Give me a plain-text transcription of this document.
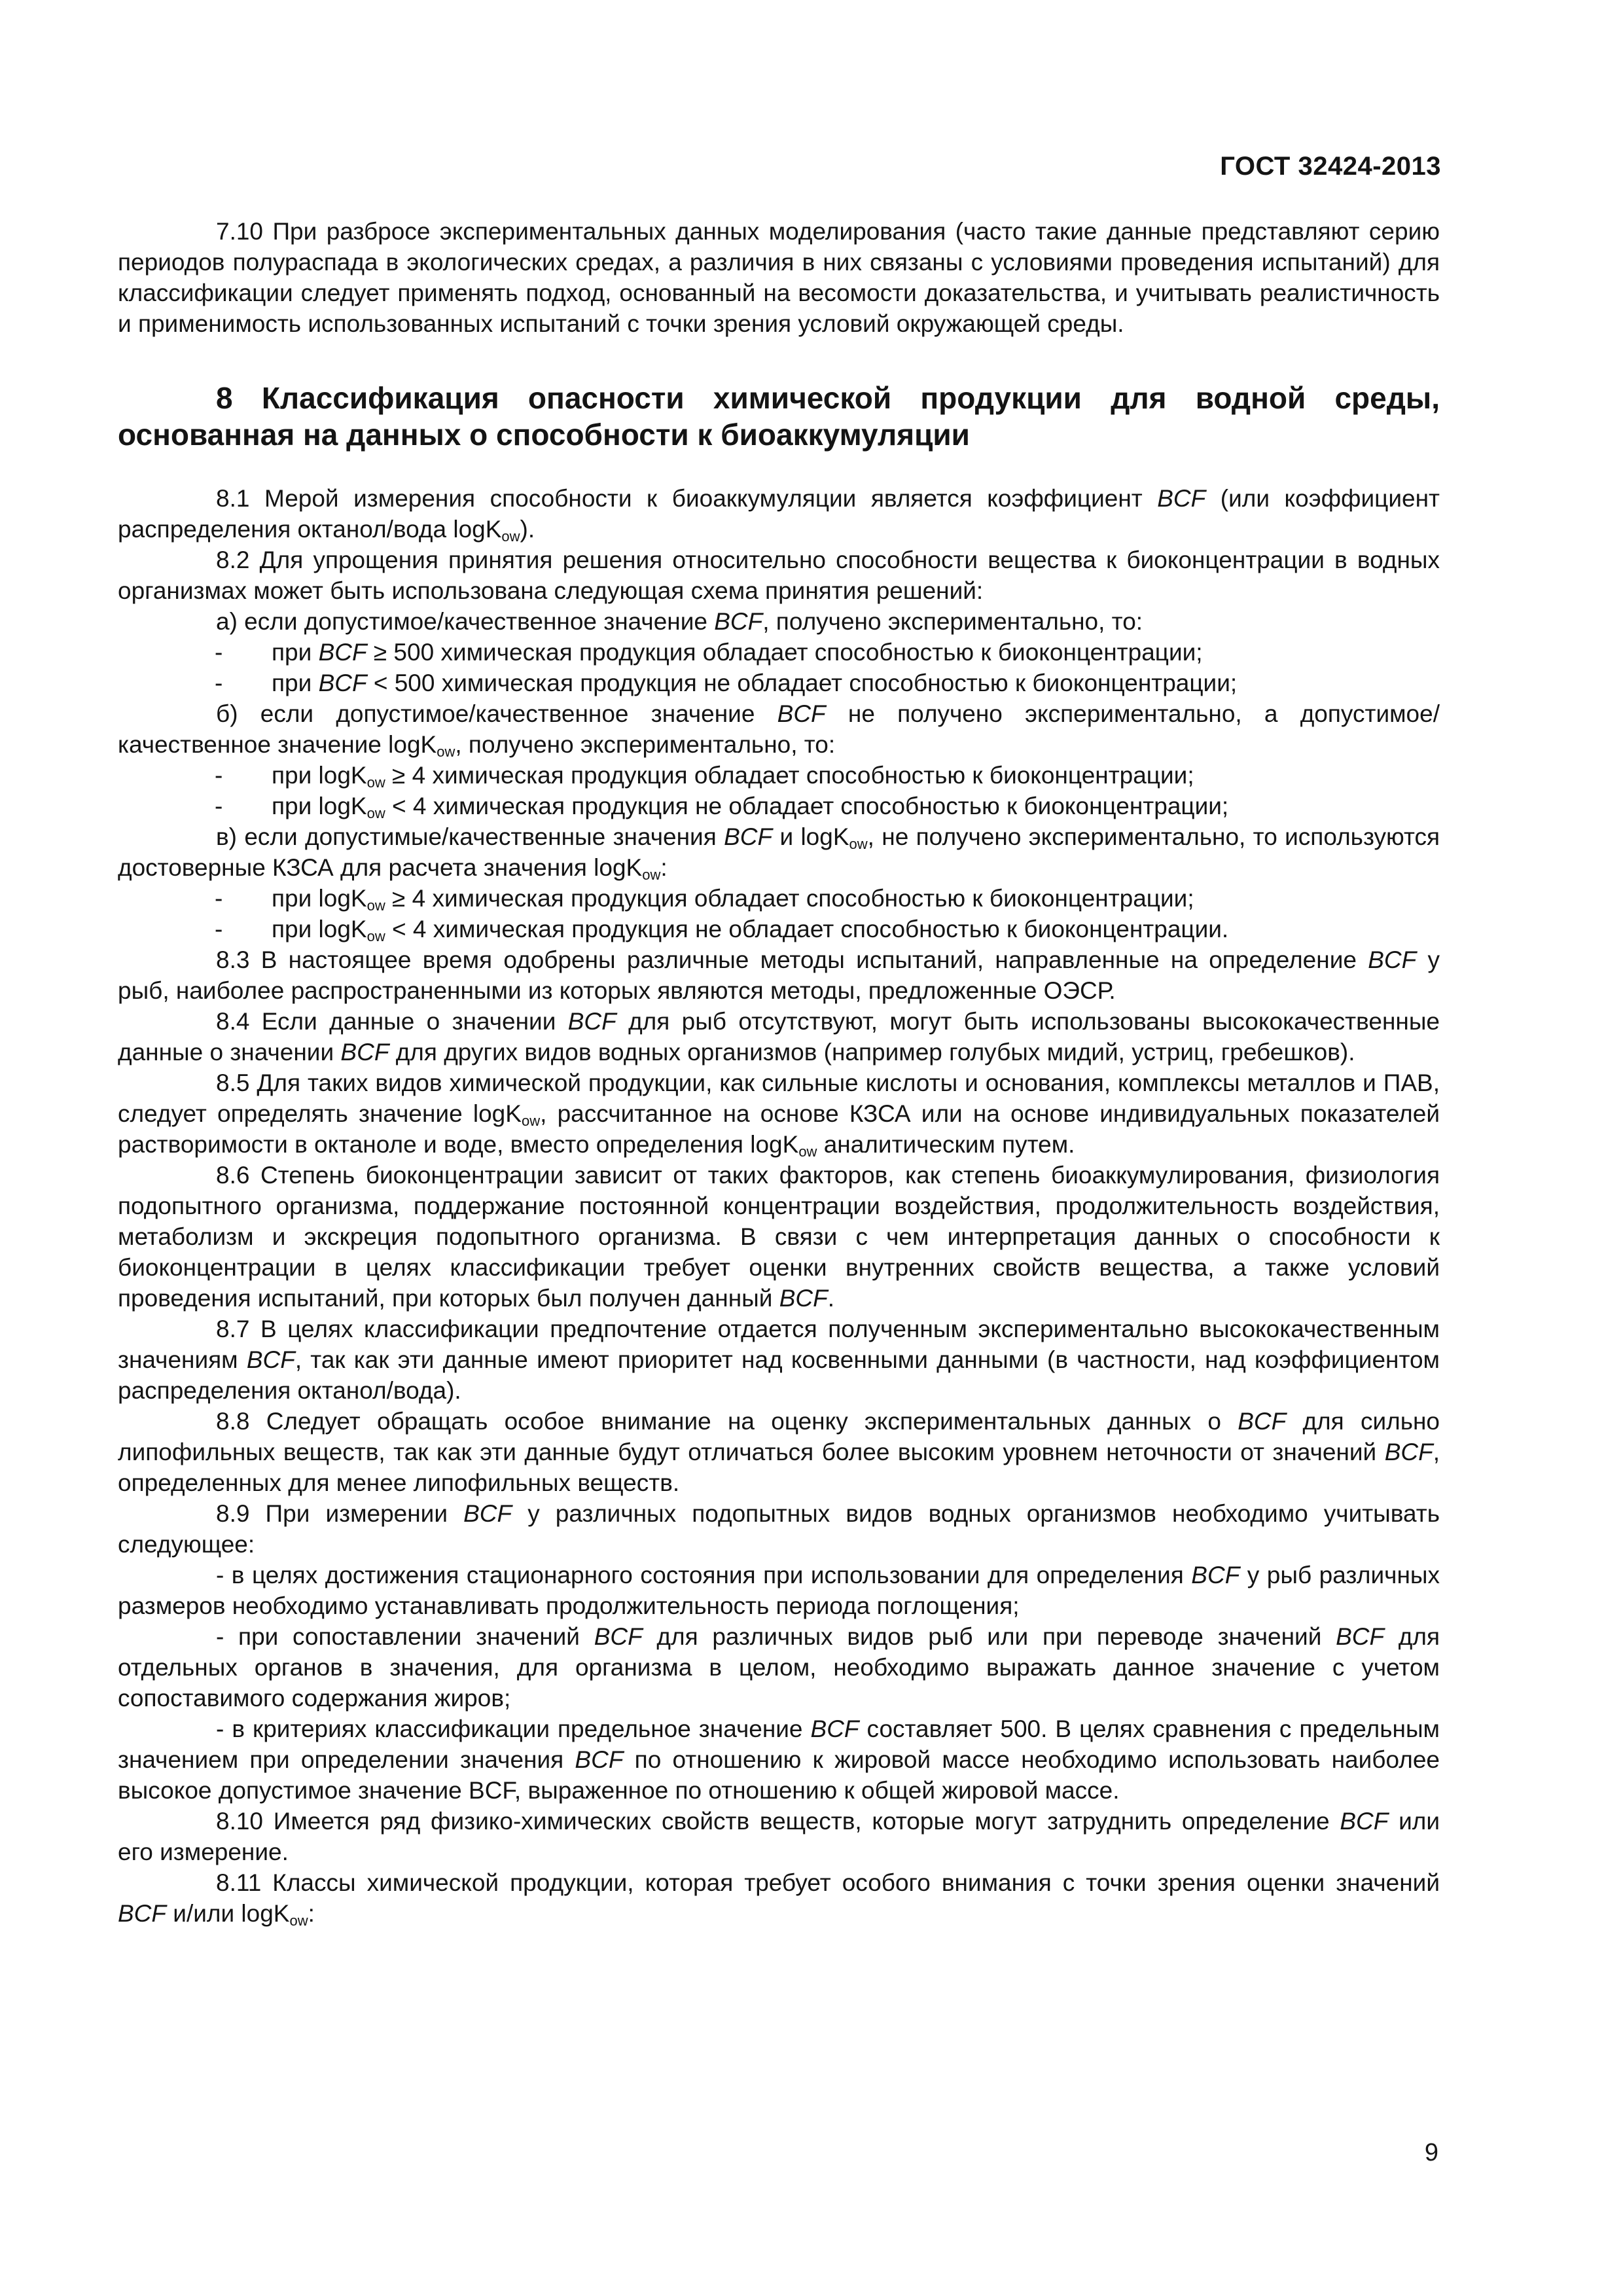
ГОСТ 32424-2013

7.10 При разбросе экспериментальных данных моделирования (часто такие данные представляют серию периодов полураспада в экологических средах, а различия в них связаны с условиями проведения испытаний) для классификации следует применять подход, основанный на весомости доказательства, и учитывать реалистичность и применимость использованных испытаний с точки зрения условий окружающей среды.

8 Классификация опасности химической продукции для водной среды, основанная на данных о способности к биоаккумуляции

8.1 Мерой измерения способности к биоаккумуляции является коэффициент BCF (или коэффициент распределения октанол/вода logK$_{ow}$).

8.2 Для упрощения принятия решения относительно способности вещества к биоконцентрации в водных организмах может быть использована следующая схема принятия решений:

а) если допустимое/качественное значение BCF, получено экспериментально, то:

- при BCF ≥ 500 химическая продукция обладает способностью к биоконцентрации;

- при BCF < 500 химическая продукция не обладает способностью к биоконцентрации;

б) если допустимое/качественное значение BCF не получено экспериментально, а допустимое/качественное значение logK$_{ow}$, получено экспериментально, то:

- при logK$_{ow}$ ≥ 4 химическая продукция обладает способностью к биоконцентрации;

- при logK$_{ow}$ < 4 химическая продукция не обладает способностью к биоконцентрации;

в) если допустимые/качественные значения BCF и logK$_{ow}$, не получено экспериментально, то используются достоверные КЗСА для расчета значения logK$_{ow}$:

- при logK$_{ow}$ ≥ 4 химическая продукция обладает способностью к биоконцентрации;

- при logK$_{ow}$ < 4 химическая продукция не обладает способностью к биоконцентрации.

8.3 В настоящее время одобрены различные методы испытаний, направленные на определение BCF у рыб, наиболее распространенными из которых являются методы, предложенные ОЭСР.

8.4 Если данные о значении BCF для рыб отсутствуют, могут быть использованы высококачественные данные о значении BCF для других видов водных организмов (например голубых мидий, устриц, гребешков).

8.5 Для таких видов химической продукции, как сильные кислоты и основания, комплексы металлов и ПАВ, следует определять значение logK$_{ow}$, рассчитанное на основе КЗСА или на основе индивидуальных показателей растворимости в октаноле и воде, вместо определения logK$_{ow}$ аналитическим путем.

8.6 Степень биоконцентрации зависит от таких факторов, как степень биоаккумулирования, физиология подопытного организма, поддержание постоянной концентрации воздействия, продолжительность воздействия, метаболизм и экскреция подопытного организма. В связи с чем интерпретация данных о способности к биоконцентрации в целях классификации требует оценки внутренних свойств вещества, а также условий проведения испытаний, при которых был получен данный BCF.

8.7 В целях классификации предпочтение отдается полученным экспериментально высококачественным значениям BCF, так как эти данные имеют приоритет над косвенными данными (в частности, над коэффициентом распределения октанол/вода).

8.8 Следует обращать особое внимание на оценку экспериментальных данных о BCF для сильно липофильных веществ, так как эти данные будут отличаться более высоким уровнем неточности от значений BCF, определенных для менее липофильных веществ.

8.9 При измерении BCF у различных подопытных видов водных организмов необходимо учитывать следующее:

- в целях достижения стационарного состояния при использовании для определения BCF у рыб различных размеров необходимо устанавливать продолжительность периода поглощения;

- при сопоставлении значений BCF для различных видов рыб или при переводе значений BCF для отдельных органов в значения, для организма в целом, необходимо выражать данное значение с учетом сопоставимого содержания жиров;

- в критериях классификации предельное значение BCF составляет 500. В целях сравнения с предельным значением при определении значения BCF по отношению к жировой массе необходимо использовать наиболее высокое допустимое значение BCF, выраженное по отношению к общей жировой массе.

8.10 Имеется ряд физико-химических свойств веществ, которые могут затруднить определение BCF или его измерение.

8.11 Классы химической продукции, которая требует особого внимания с точки зрения оценки значений BCF и/или logK$_{ow}$:

9
